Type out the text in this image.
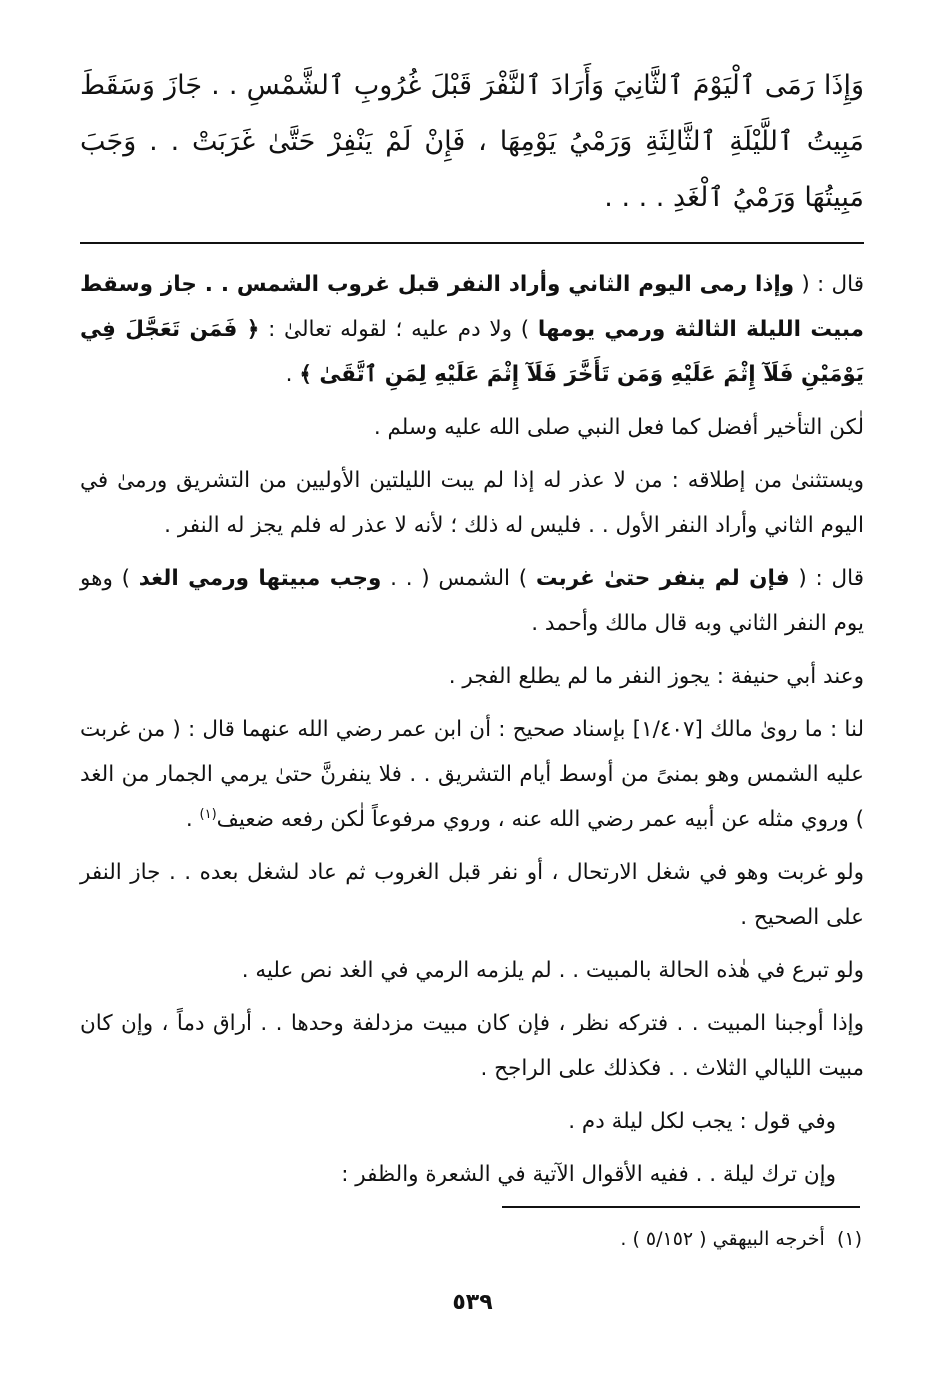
وَإِذَا رَمَى ٱلْيَوْمَ ٱلثَّانِيَ وَأَرَادَ ٱلنَّفْرَ قَبْلَ غُرُوبِ ٱلشَّمْسِ . . جَازَ وَسَقَطَ مَبِيتُ ٱللَّيْلَةِ ٱلثَّالِثَةِ وَرَمْيُ يَوْمِهَا ، فَإِنْ لَمْ يَنْفِرْ حَتَّىٰ غَرَبَتْ . . وَجَبَ مَبِيتُهَا وَرَمْيُ ٱلْغَدِ . . . .

قال : ( وإذا رمى اليوم الثاني وأراد النفر قبل غروب الشمس . . جاز وسقط مبيت الليلة الثالثة ورمي يومها ) ولا دم عليه ؛ لقوله تعالىٰ : ﴿ فَمَن تَعَجَّلَ فِي يَوْمَيْنِ فَلَآ إِثْمَ عَلَيْهِ وَمَن تَأَخَّرَ فَلَآ إِثْمَ عَلَيْهِ لِمَنِ ٱتَّقَىٰ ﴾ .

لٰكن التأخير أفضل كما فعل النبي صلى الله عليه وسلم .

ويستثنىٰ من إطلاقه : من لا عذر له إذا لم يبت الليلتين الأوليين من التشريق ورمىٰ في اليوم الثاني وأراد النفر الأول . . فليس له ذلك ؛ لأنه لا عذر له فلم يجز له النفر .

قال : ( فإن لم ينفر حتىٰ غربت ) الشمس ( . . وجب مبيتها ورمي الغد ) وهو يوم النفر الثاني وبه قال مالك وأحمد .

وعند أبي حنيفة : يجوز النفر ما لم يطلع الفجر .

لنا : ما روىٰ مالك [١/٤٠٧] بإسناد صحيح : أن ابن عمر رضي الله عنهما قال : ( من غربت عليه الشمس وهو بمنىً من أوسط أيام التشريق . . فلا ينفرنَّ حتىٰ يرمي الجمار من الغد ) وروي مثله عن أبيه عمر رضي الله عنه ، وروي مرفوعاً لٰكن رفعه ضعيف$^{(١)}$ .

ولو غربت وهو في شغل الارتحال ، أو نفر قبل الغروب ثم عاد لشغل بعده . . جاز النفر على الصحيح .

ولو تبرع في هٰذه الحالة بالمبيت . . لم يلزمه الرمي في الغد نص عليه .

وإذا أوجبنا المبيت . . فتركه نظر ، فإن كان مبيت مزدلفة وحدها . . أراق دماً ، وإن كان مبيت الليالي الثلاث . . فكذلك على الراجح .

وفي قول : يجب لكل ليلة دم .

وإن ترك ليلة . . ففيه الأقوال الآتية في الشعرة والظفر :

(١)  أخرجه البيهقي ( ٥/١٥٢ ) .
٥٣٩
